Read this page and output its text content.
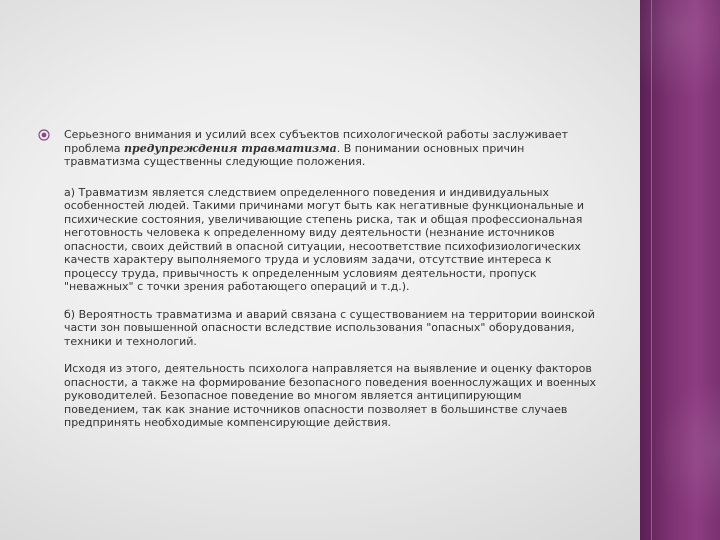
Серьезного внимания и усилий всех субъектов психологической работы заслуживает проблема предупреждения травматизма. В понимании основных причин травматизма существенны следующие положения.

а) Травматизм является следствием определенного поведения и индивидуальных особенностей людей. Такими причинами могут быть как негативные функциональные и психические состояния, увеличивающие степень риска, так и общая профессиональная неготовность человека к определенному виду деятельности (незнание источников опасности, своих действий в опасной ситуации, несоответствие психофизиологических качеств характеру выполняемого труда и условиям задачи, отсутствие интереса к процессу труда, привычность к определенным условиям деятельности, пропуск "неважных" с точки зрения работающего операций и т.д.).

б) Вероятность травматизма и аварий связана с существованием на территории воинской части зон повышенной опасности вследствие использования "опасных" оборудования, техники и технологий.

Исходя из этого, деятельность психолога направляется на выявление и оценку факторов опасности, а также на формирование безопасного поведения военнослужащих и военных руководителей. Безопасное поведение во многом является антиципирующим поведением, так как знание источников опасности позволяет в большинстве случаев предпринять необходимые компенсирующие действия.
